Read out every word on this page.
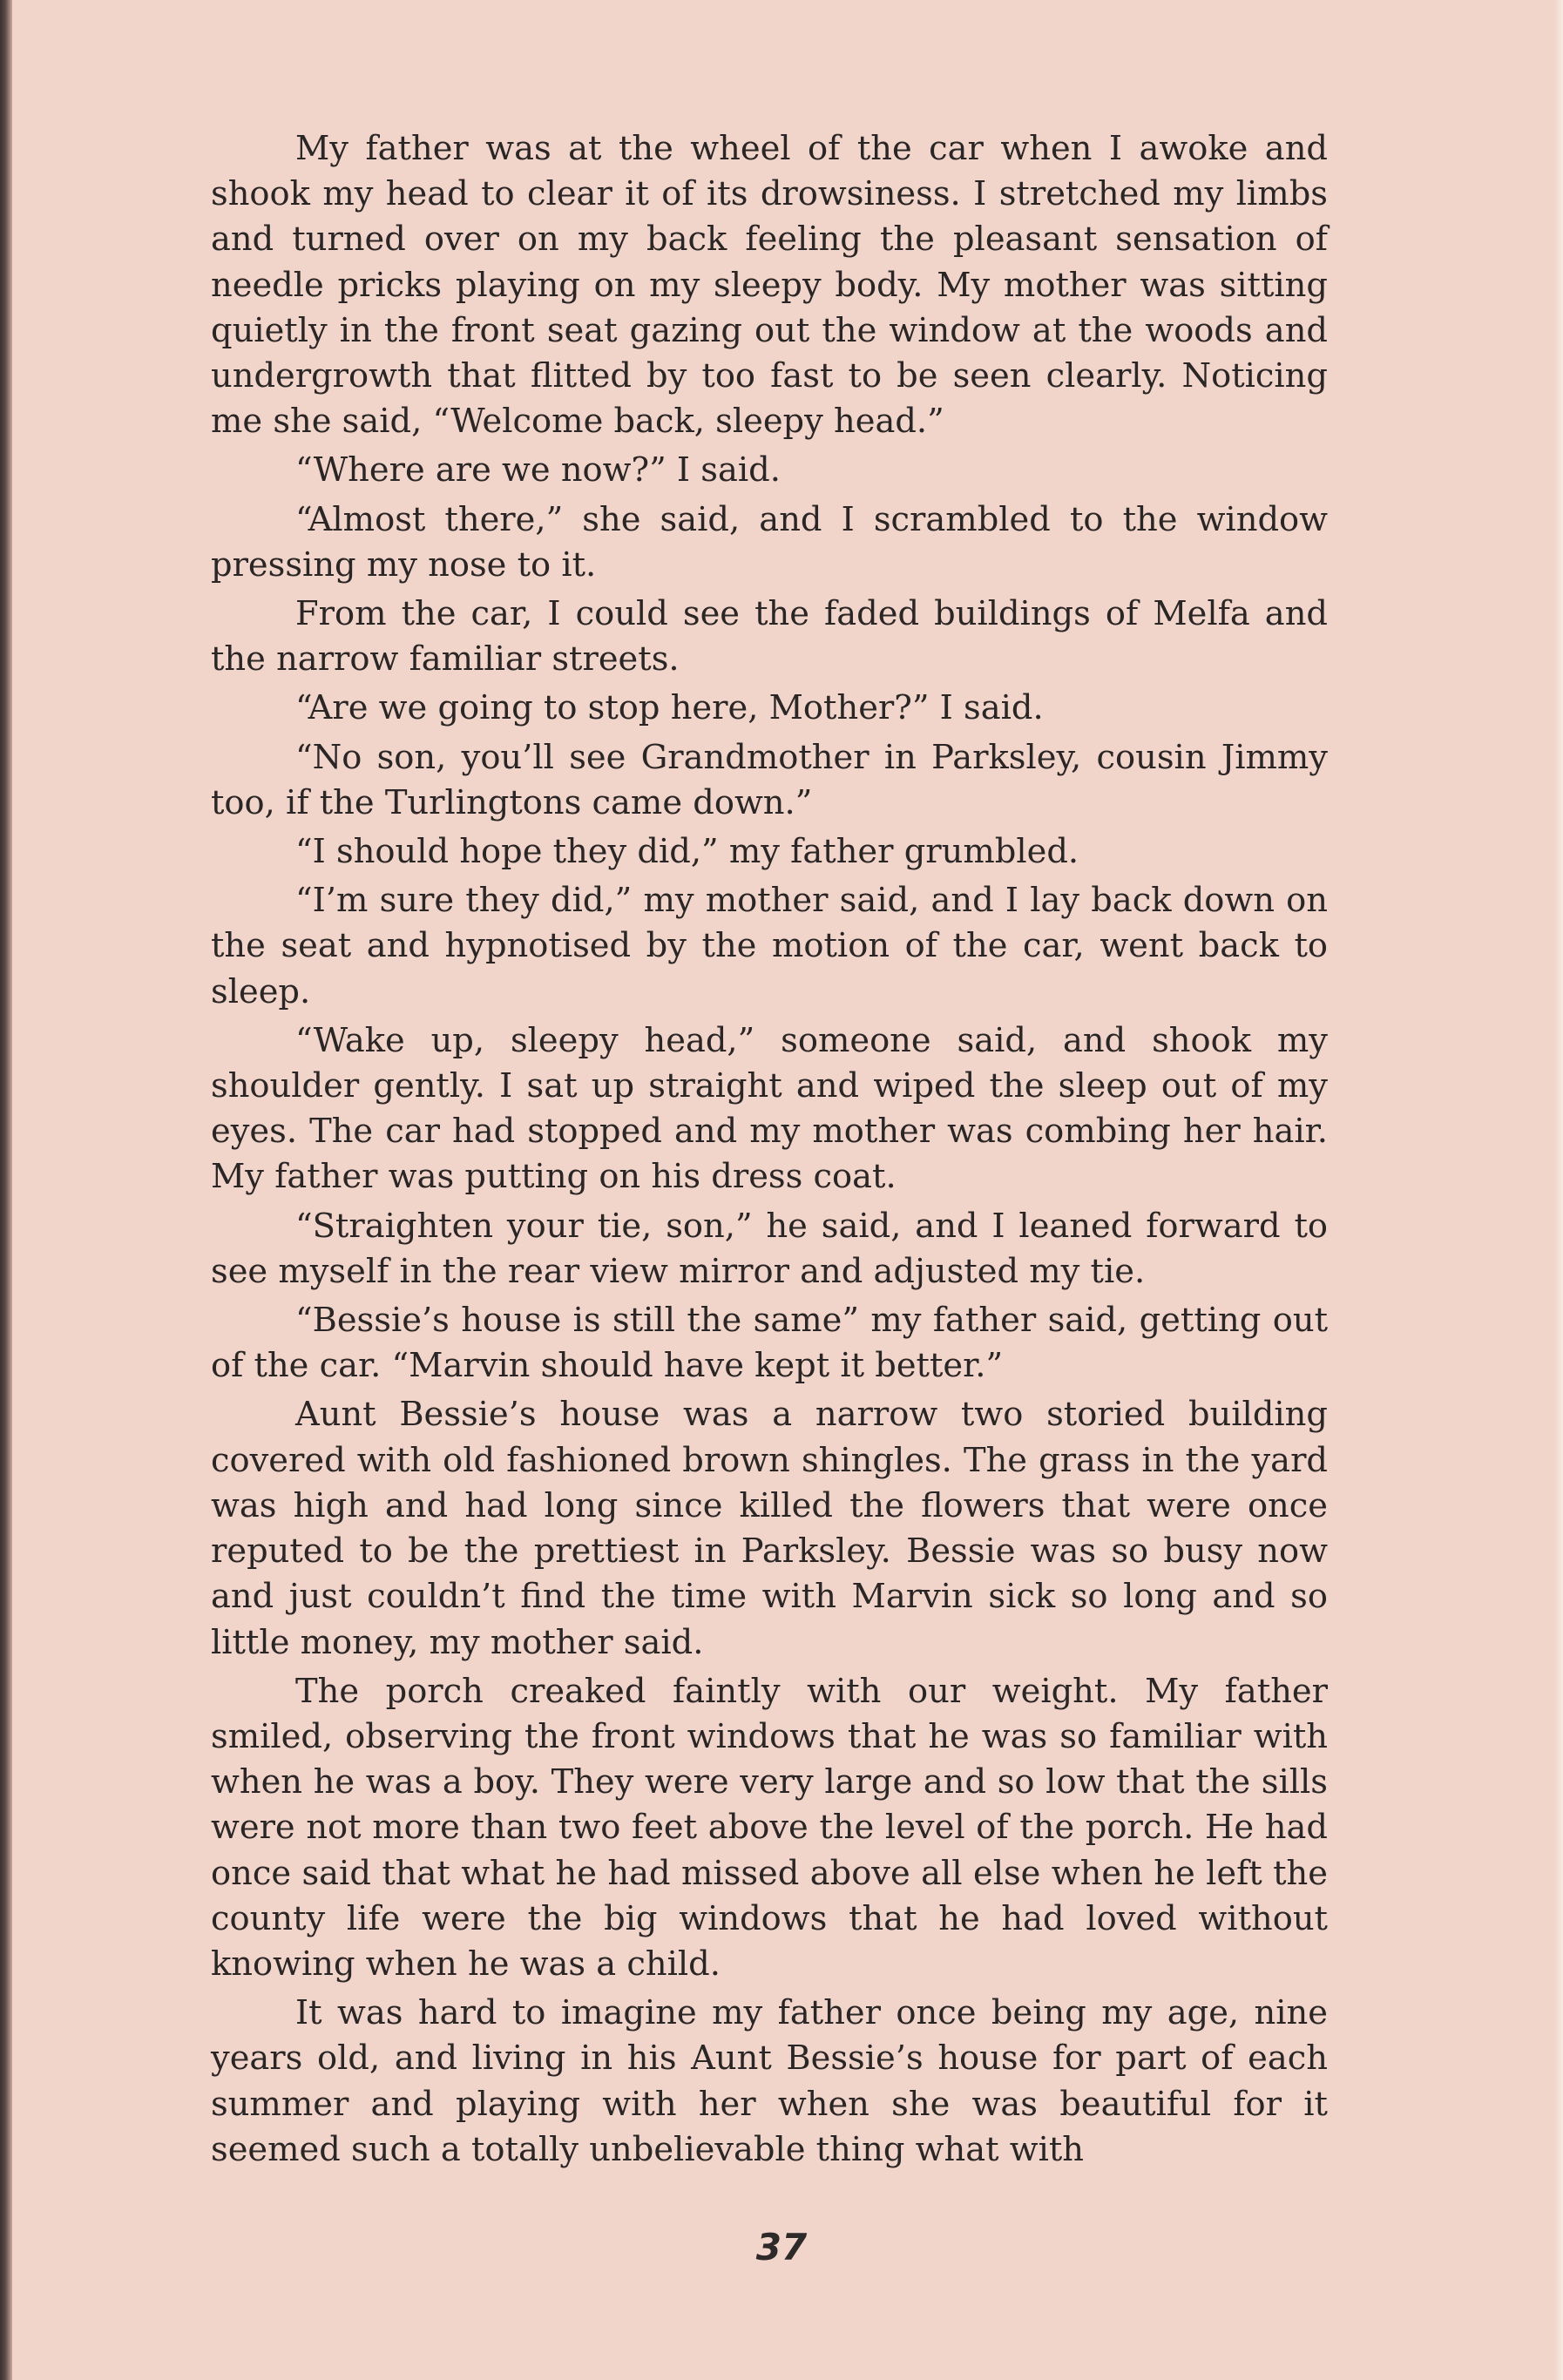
My father was at the wheel of the car when I awoke and shook my head to clear it of its drowsiness. I stretched my limbs and turned over on my back feeling the pleasant sensation of needle pricks playing on my sleepy body. My mother was sitting quietly in the front seat gazing out the window at the woods and undergrowth that flitted by too fast to be seen clearly. Noticing me she said, “Welcome back, sleepy head.”

“Where are we now?” I said.

“Almost there,” she said, and I scrambled to the window pressing my nose to it.

From the car, I could see the faded buildings of Melfa and the narrow familiar streets.

“Are we going to stop here, Mother?” I said.

“No son, you’ll see Grandmother in Parksley, cousin Jimmy too, if the Turlingtons came down.”

“I should hope they did,” my father grumbled.

“I’m sure they did,” my mother said, and I lay back down on the seat and hypnotised by the motion of the car, went back to sleep.

“Wake up, sleepy head,” someone said, and shook my shoulder gently. I sat up straight and wiped the sleep out of my eyes. The car had stopped and my mother was combing her hair. My father was putting on his dress coat.

“Straighten your tie, son,” he said, and I leaned forward to see myself in the rear view mirror and adjusted my tie.

“Bessie’s house is still the same” my father said, getting out of the car. “Marvin should have kept it better.”

Aunt Bessie’s house was a narrow two storied building covered with old fashioned brown shingles. The grass in the yard was high and had long since killed the flowers that were once reputed to be the prettiest in Parksley. Bessie was so busy now and just couldn’t find the time with Marvin sick so long and so little money, my mother said.

The porch creaked faintly with our weight. My father smiled, observing the front windows that he was so familiar with when he was a boy. They were very large and so low that the sills were not more than two feet above the level of the porch. He had once said that what he had missed above all else when he left the county life were the big windows that he had loved without knowing when he was a child.

It was hard to imagine my father once being my age, nine years old, and living in his Aunt Bessie’s house for part of each summer and playing with her when she was beautiful for it seemed such a totally unbelievable thing what with

37
